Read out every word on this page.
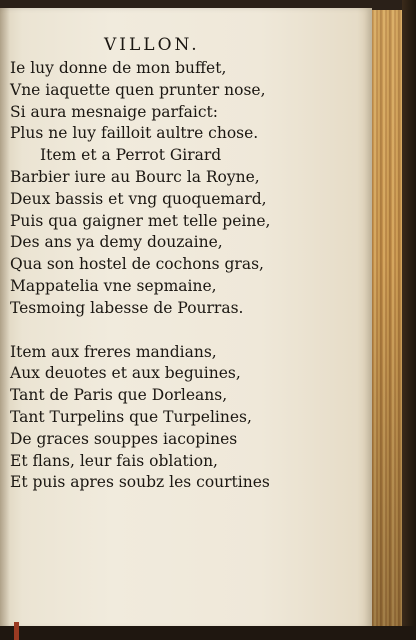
VILLON.
Ie luy donne de mon buffet,
Vne iaquette quen prunter nose,
Si aura mesnaige parfaict:
Plus ne luy failloit aultre chose.
Item et a Perrot Girard
Barbier iure au Bourc la Royne,
Deux bassis et vng quoquemard,
Puis qua gaigner met telle peine,
Des ans ya demy douzaine,
Qua son hostel de cochons gras,
Mappatelia vne sepmaine,
Tesmoing labesse de Pourras.
Item aux freres mandians,
Aux deuotes et aux beguines,
Tant de Paris que Dorleans,
Tant Turpelins que Turpelines,
De graces souppes iacopines
Et flans, leur fais oblation,
Et puis apres soubz les courtines
